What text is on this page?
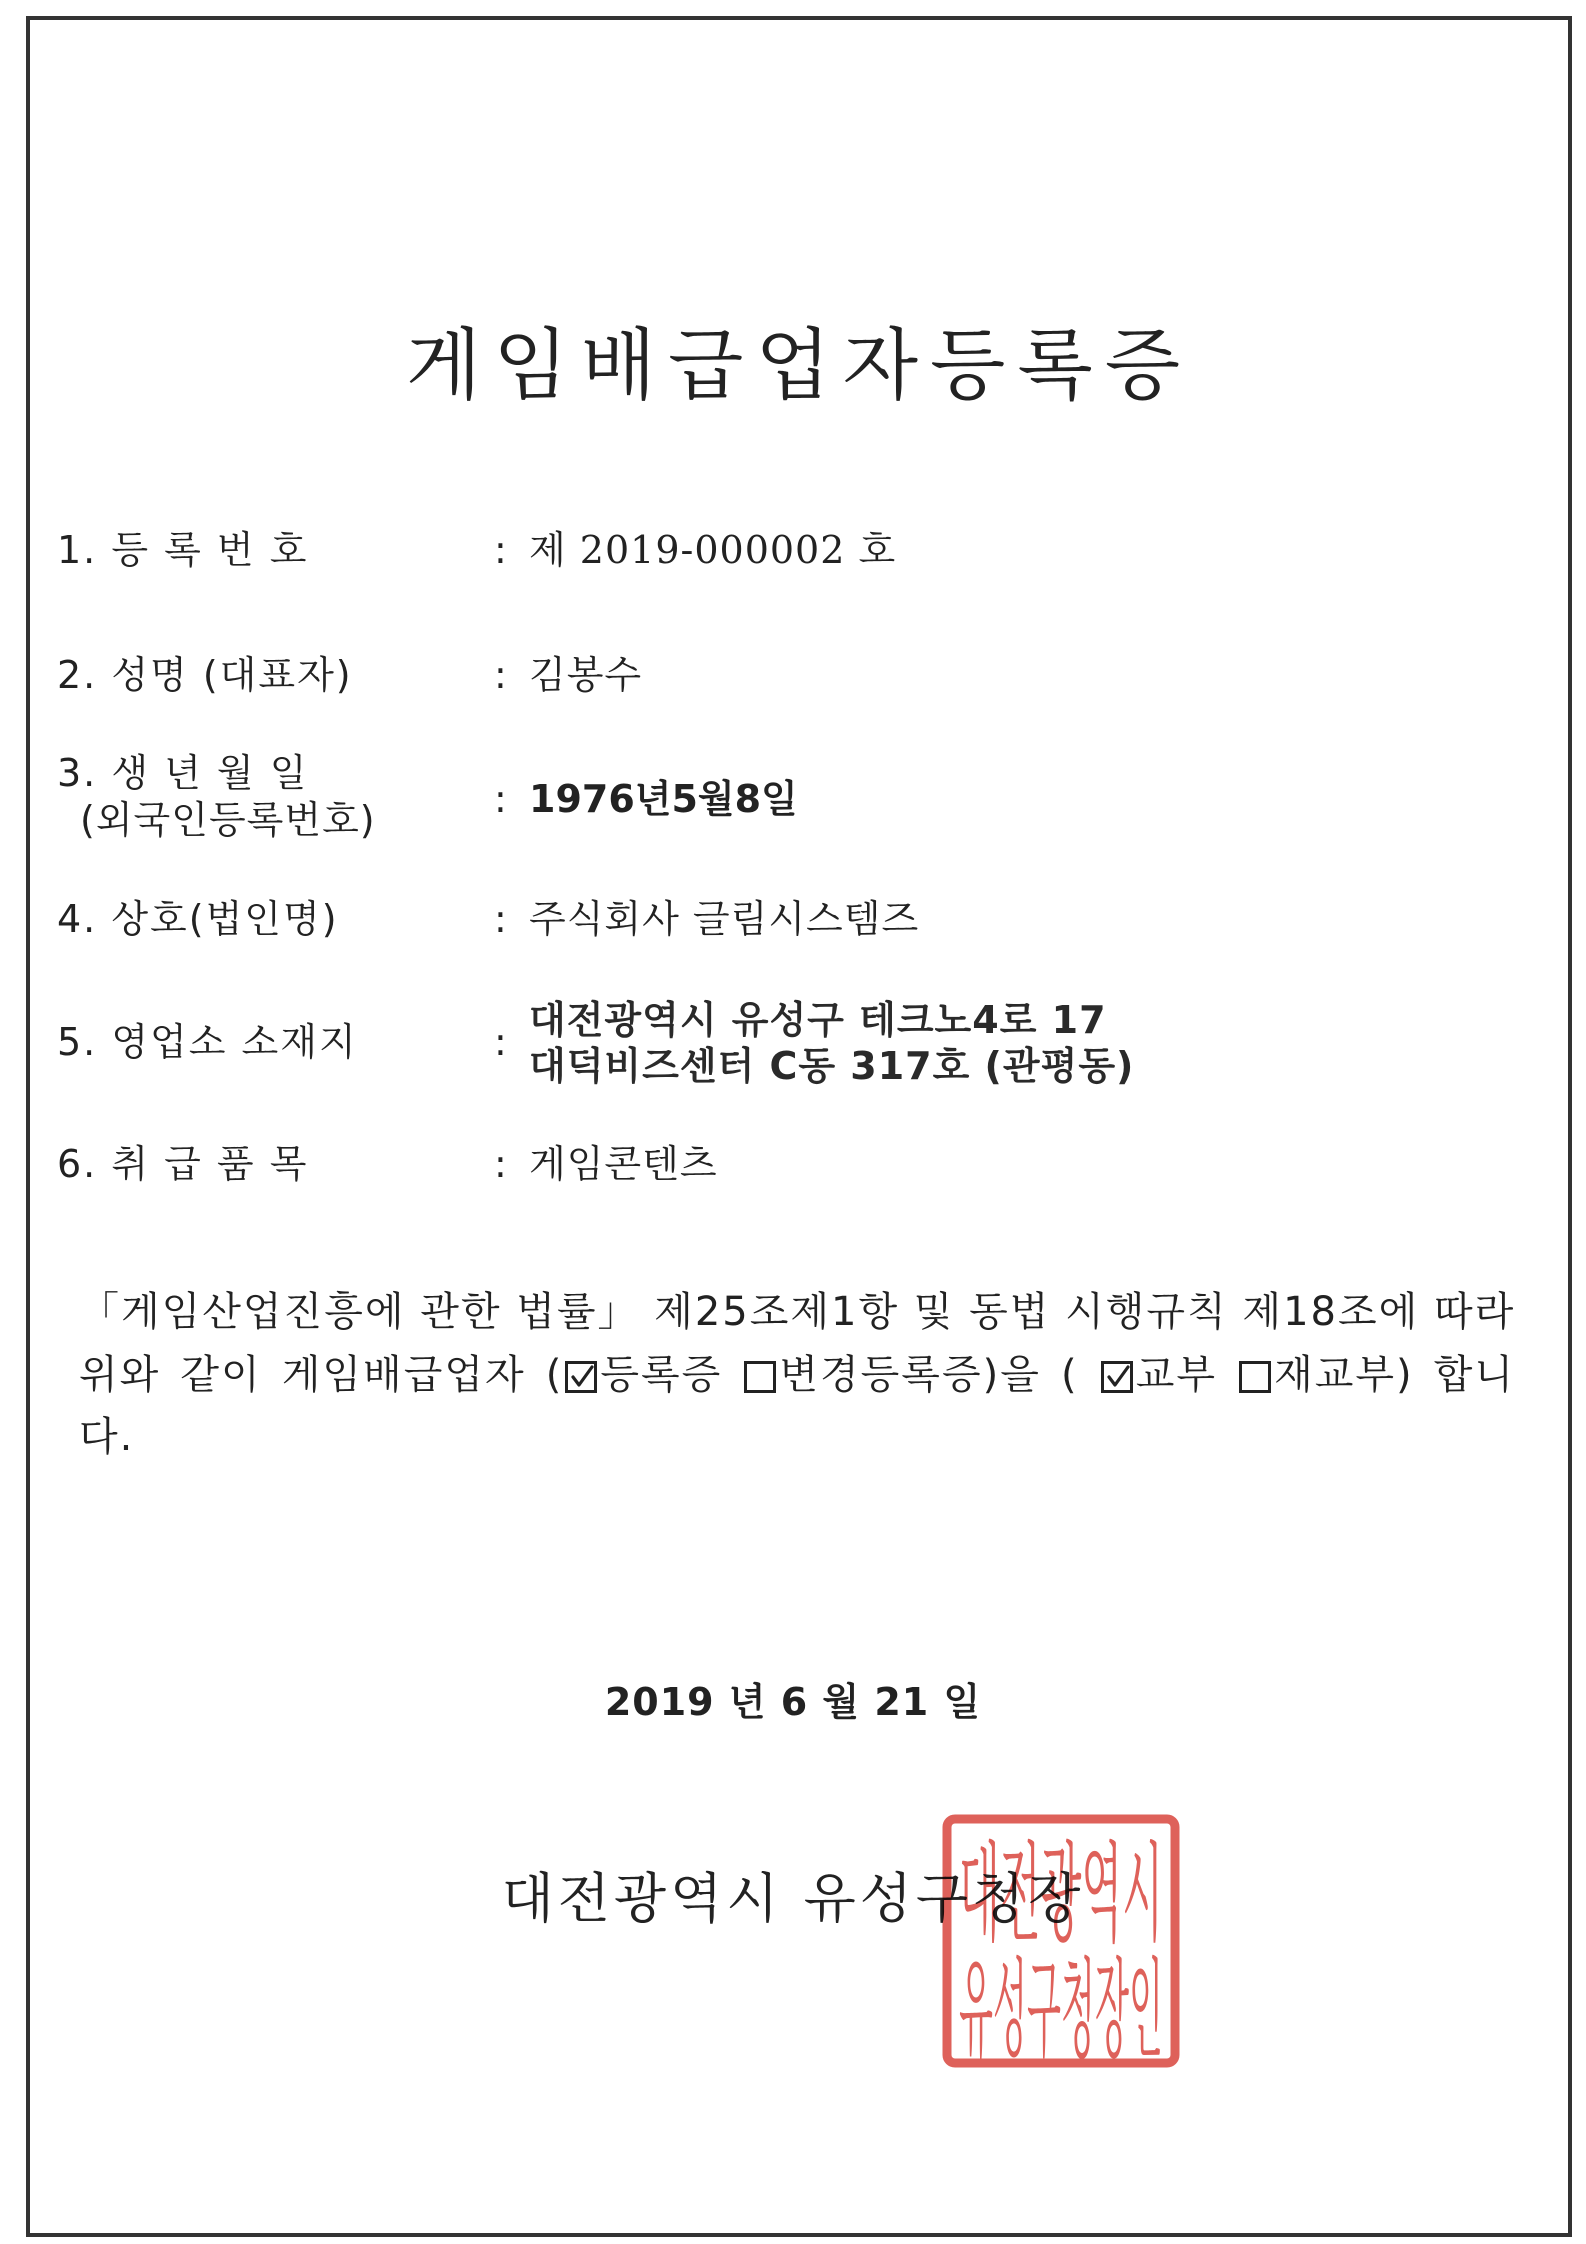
게임배급업자등록증
1. 등 록 번 호	: 제 2019-000002 호
2. 성명 (대표자)	: 김봉수
3. 생 년 월 일
(외국인등록번호)	: 1976년5월8일
4. 상호(법인명)	: 주식회사 글림시스템즈
5. 영업소 소재지	: 대전광역시 유성구 테크노4로 17
대덕비즈센터 C동 317호 (관평동)
6. 취 급 품 목	: 게임콘텐츠
「게임산업진흥에 관한 법률」 제25조제1항 및 동법 시행규칙 제18조에 따라
위와 같이 게임배급업자 ( 등록증 변경등록증)을 ( 교부 재교부) 합니
다.
2019 년 6 월 21 일
대전광역시 유성구청장
대전광역시
유성구청장인
